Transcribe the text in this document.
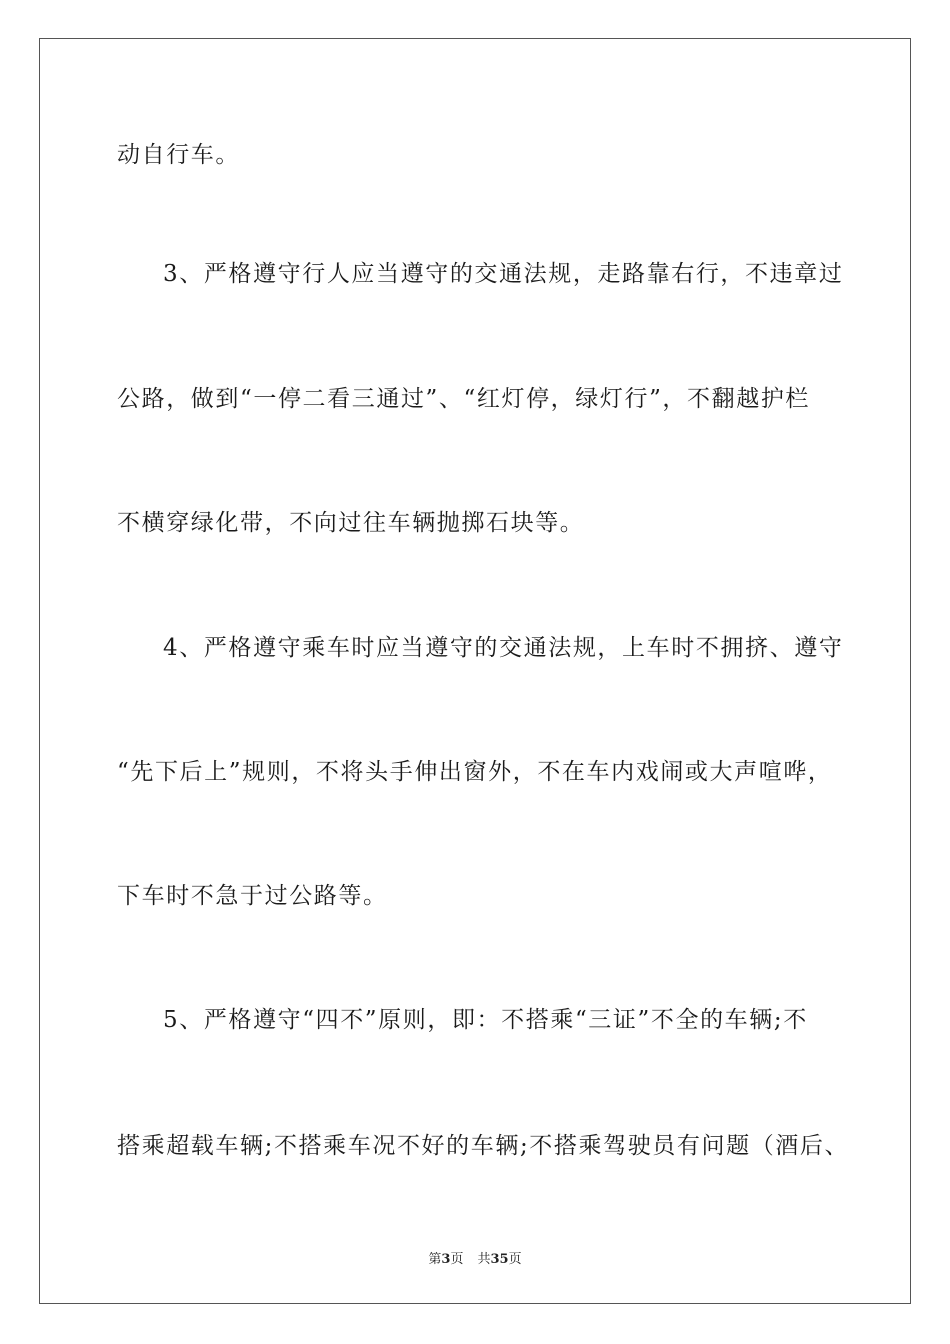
动自行车。
3、严格遵守行人应当遵守的交通法规，走路靠右行，不违章过
公路，做到“一停二看三通过”、“红灯停，绿灯行”，不翻越护栏
不横穿绿化带，不向过往车辆抛掷石块等。
4、严格遵守乘车时应当遵守的交通法规，上车时不拥挤、遵守
“先下后上”规则，不将头手伸出窗外，不在车内戏闹或大声喧哗，
下车时不急于过公路等。
5、严格遵守“四不”原则，即：不搭乘“三证”不全的车辆;不
搭乘超载车辆;不搭乘车况不好的车辆;不搭乘驾驶员有问题（酒后、
第3页 共35页
